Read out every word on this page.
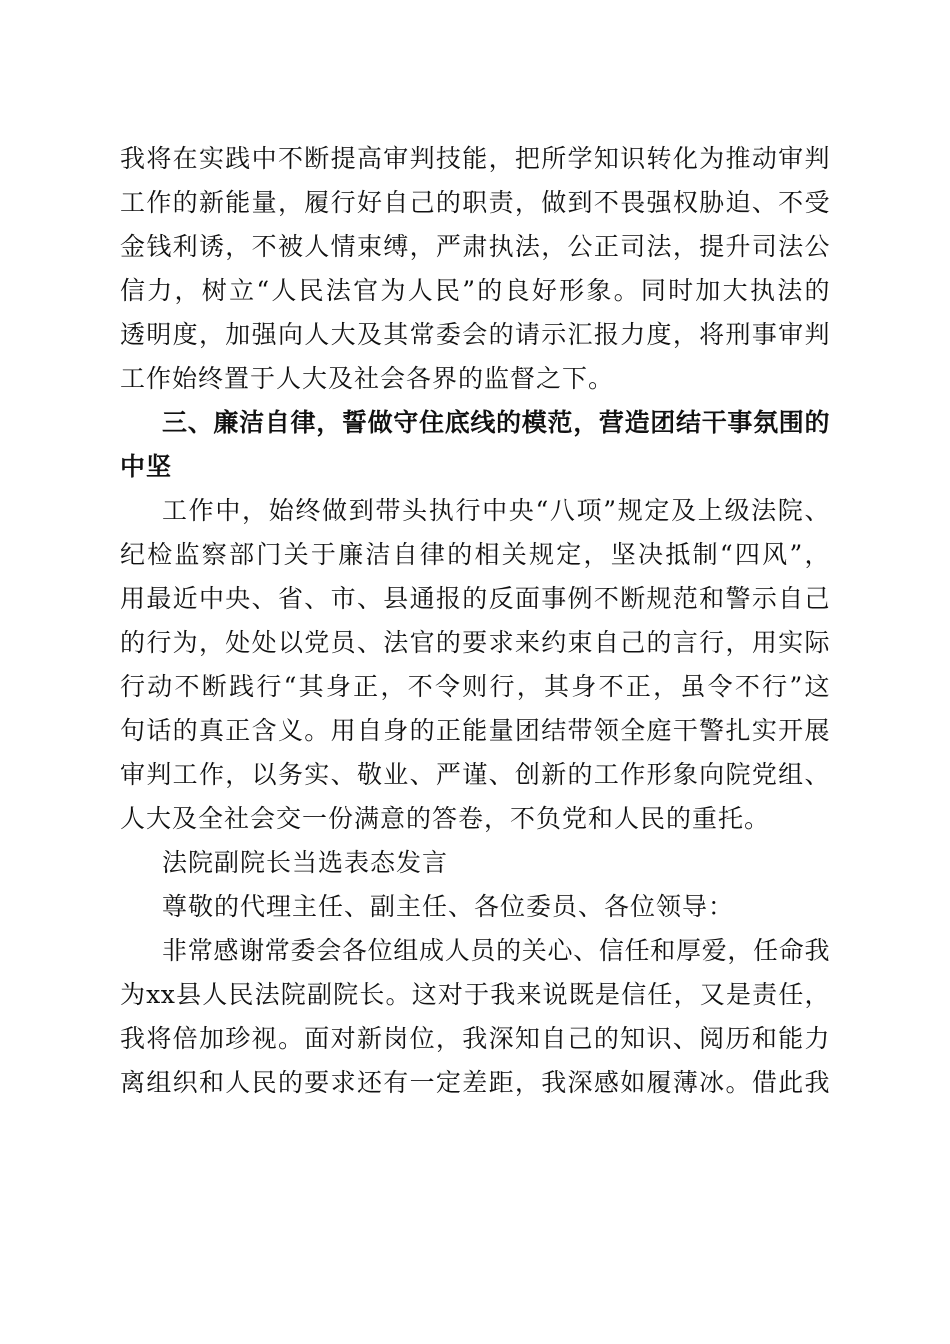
我将在实践中不断提高审判技能，把所学知识转化为推动审判
工作的新能量，履行好自己的职责，做到不畏强权胁迫、不受
金钱利诱，不被人情束缚，严肃执法，公正司法，提升司法公
信力，树立“人民法官为人民”的良好形象。同时加大执法的
透明度，加强向人大及其常委会的请示汇报力度，将刑事审判
工作始终置于人大及社会各界的监督之下。
三、廉洁自律，誓做守住底线的模范，营造团结干事氛围的
中坚
工作中，始终做到带头执行中央“八项”规定及上级法院、
纪检监察部门关于廉洁自律的相关规定，坚决抵制“四风”，
用最近中央、省、市、县通报的反面事例不断规范和警示自己
的行为，处处以党员、法官的要求来约束自己的言行，用实际
行动不断践行“其身正，不令则行，其身不正，虽令不行”这
句话的真正含义。用自身的正能量团结带领全庭干警扎实开展
审判工作，以务实、敬业、严谨、创新的工作形象向院党组、
人大及全社会交一份满意的答卷，不负党和人民的重托。
法院副院长当选表态发言
尊敬的代理主任、副主任、各位委员、各位领导：
非常感谢常委会各位组成人员的关心、信任和厚爱，任命我
为xx县人民法院副院长。这对于我来说既是信任，又是责任，
我将倍加珍视。面对新岗位，我深知自己的知识、阅历和能力
离组织和人民的要求还有一定差距，我深感如履薄冰。借此我
